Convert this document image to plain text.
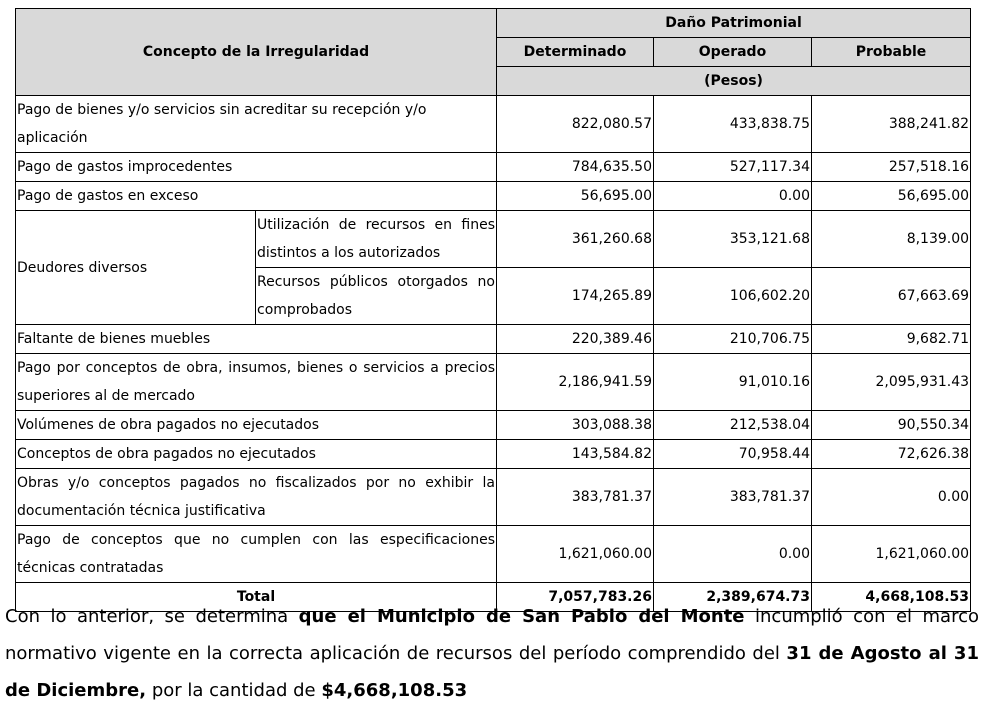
Concepto de la Irregularidad		Daño Patrimonial		
		Determinado	Operado	Probable
		(Pesos)		
Pago de bienes y/o servicios sin acreditar su recepción y/o aplicación		822,080.57	433,838.75	388,241.82
Pago de gastos improcedentes		784,635.50	527,117.34	257,518.16
Pago de gastos en exceso		56,695.00	0.00	56,695.00
Deudores diversos	Utilización de recursos en fines distintos a los autorizados	361,260.68	353,121.68	8,139.00
	Recursos públicos otorgados no comprobados	174,265.89	106,602.20	67,663.69
Faltante de bienes muebles		220,389.46	210,706.75	9,682.71
Pago por conceptos de obra, insumos, bienes o servicios a precios superiores al de mercado		2,186,941.59	91,010.16	2,095,931.43
Volúmenes de obra pagados no ejecutados		303,088.38	212,538.04	90,550.34
Conceptos de obra pagados no ejecutados		143,584.82	70,958.44	72,626.38
Obras y/o conceptos pagados no fiscalizados por no exhibir la documentación técnica justificativa		383,781.37	383,781.37	0.00
Pago de conceptos que no cumplen con las especificaciones técnicas contratadas		1,621,060.00	0.00	1,621,060.00
Total		7,057,783.26	2,389,674.73	4,668,108.53

Con lo anterior, se determina que el Municipio de San Pablo del Monte incumplió con el marco normativo vigente en la correcta aplicación de recursos del período comprendido del 31 de Agosto al 31 de Diciembre, por la cantidad de $4,668,108.53
